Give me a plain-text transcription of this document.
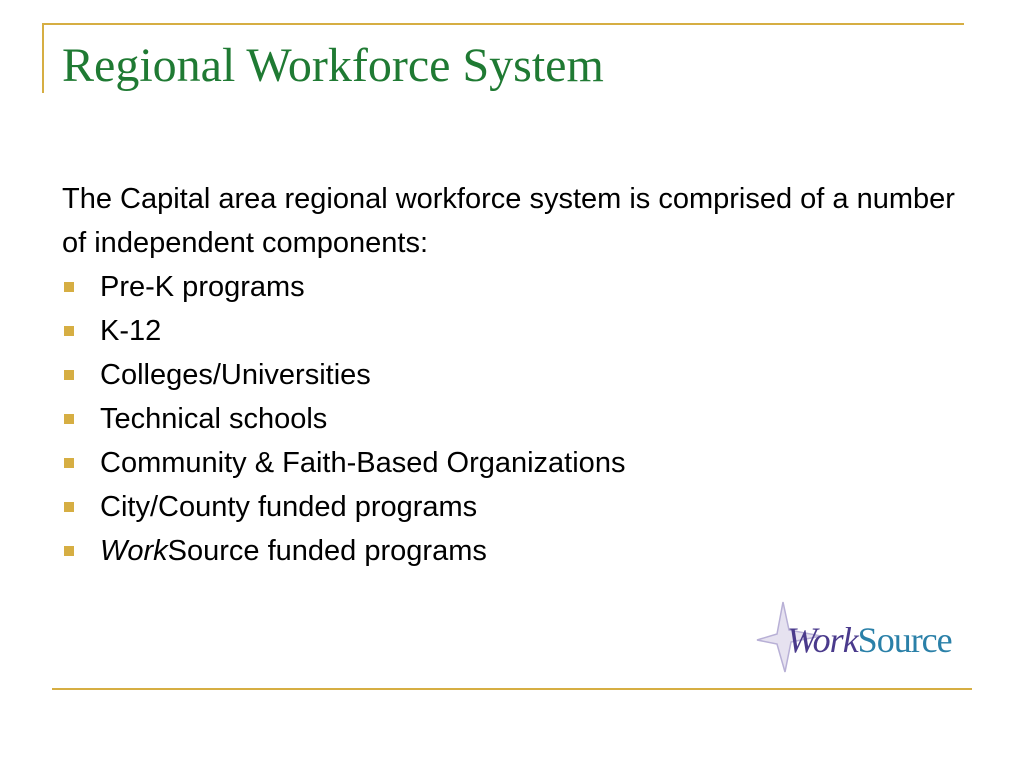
Regional Workforce System

The Capital area regional workforce system is comprised of a number of independent components:

Pre-K programs
K-12
Colleges/Universities
Technical schools
Community & Faith-Based Organizations
City/County funded programs
WorkSource funded programs
WorkSource
